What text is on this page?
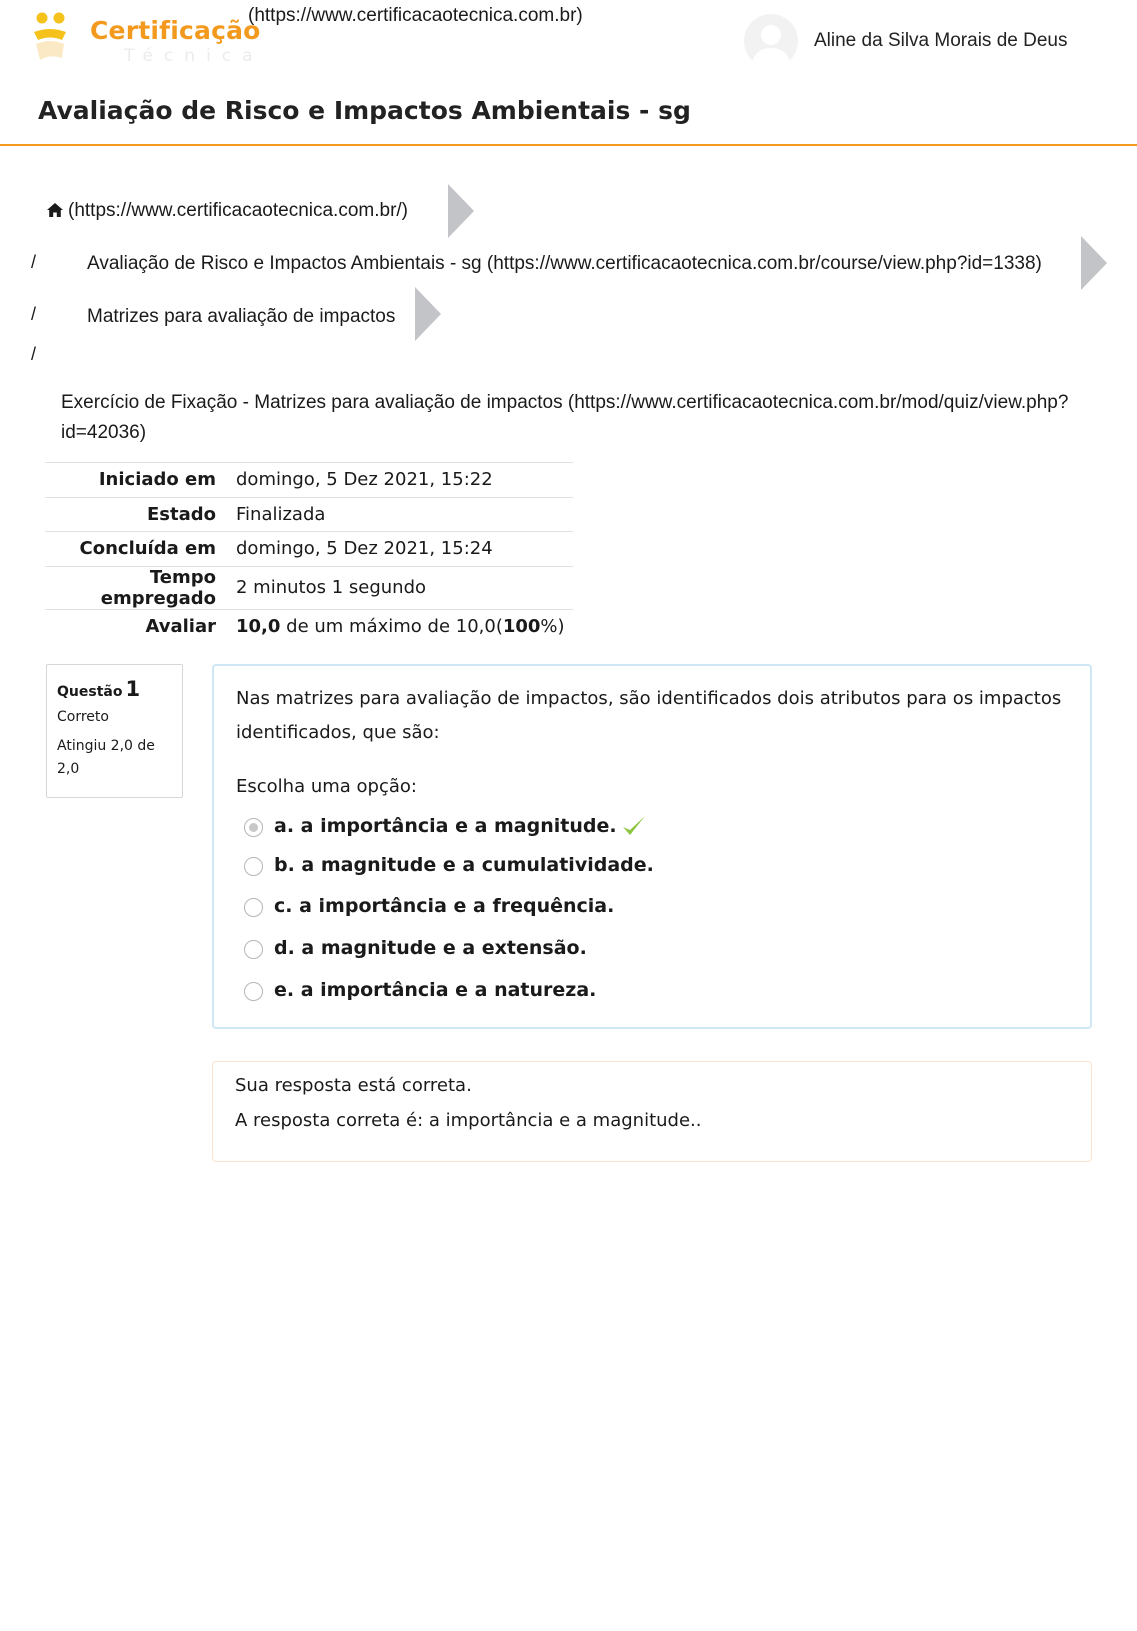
Certificação
Técnica
(https://www.certificacaotecnica.com.br)
Aline da Silva Morais de Deus
Avaliação de Risco e Impactos Ambientais - sg
(https://www.certificacaotecnica.com.br/)
/	Avaliação de Risco e Impactos Ambientais - sg (https://www.certificacaotecnica.com.br/course/view.php?id=1338)
/	Matrizes para avaliação de impactos
/
Exercício de Fixação - Matrizes para avaliação de impactos (https://www.certificacaotecnica.com.br/mod/quiz/view.php?id=42036)
Iniciado em	domingo, 5 Dez 2021, 15:22
Estado	Finalizada
Concluída em	domingo, 5 Dez 2021, 15:24
Tempo empregado	2 minutos 1 segundo
Avaliar	10,0 de um máximo de 10,0(100%)
Questão 1
Correto
Atingiu 2,0 de 2,0
Nas matrizes para avaliação de impactos, são identificados dois atributos para os impactos identificados, que são:
Escolha uma opção:
a. a importância e a magnitude.
b. a magnitude e a cumulatividade.
c. a importância e a frequência.
d. a magnitude e a extensão.
e. a importância e a natureza.
Sua resposta está correta.
A resposta correta é: a importância e a magnitude..
